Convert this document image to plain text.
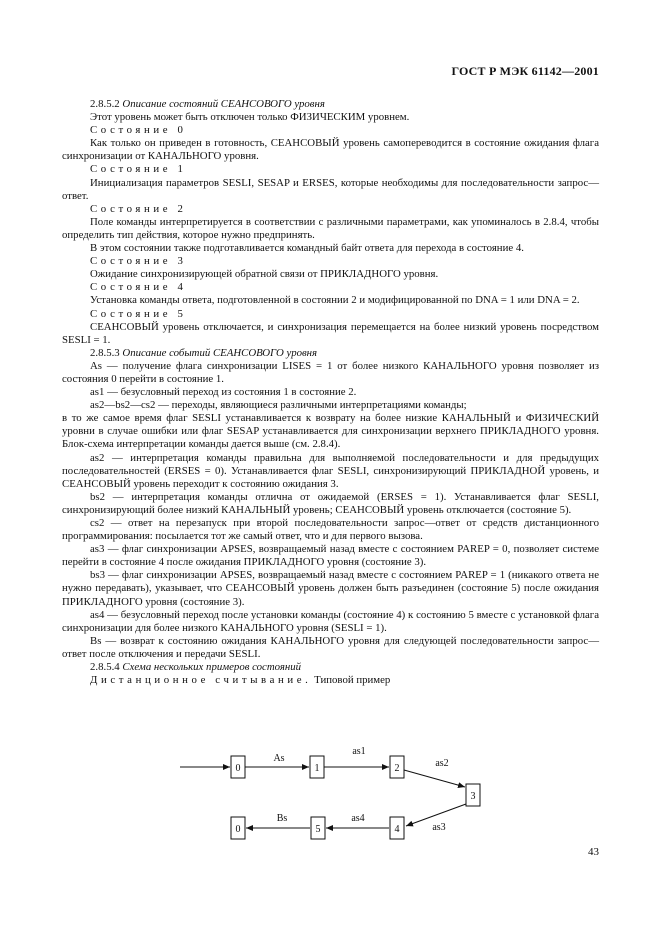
ГОСТ Р МЭК 61142—2001

2.8.5.2 Описание состояний СЕАНСОВОГО уровня

Этот уровень может быть отключен только ФИЗИЧЕСКИМ уровнем.

Состояние 0

Как только он приведен в готовность, СЕАНСОВЫЙ уровень самопереводится в состояние ожидания флага синхронизации от КАНАЛЬНОГО уровня.

Состояние 1

Инициализация параметров SESLI, SESAP и ERSES, которые необходимы для последовательности запрос—ответ.

Состояние 2

Поле команды интерпретируется в соответствии с различными параметрами, как упоминалось в 2.8.4, чтобы определить тип действия, которое нужно предпринять.

В этом состоянии также подготавливается командный байт ответа для перехода в состояние 4.

Состояние 3

Ожидание синхронизирующей обратной связи от ПРИКЛАДНОГО уровня.

Состояние 4

Установка команды ответа, подготовленной в состоянии 2 и модифицированной по DNA = 1 или DNA = 2.

Состояние 5

СЕАНСОВЫЙ уровень отключается, и синхронизация перемещается на более низкий уровень посредством SESLI = 1.

2.8.5.3 Описание событий СЕАНСОВОГО уровня

As — получение флага синхронизации LISES = 1 от более низкого КАНАЛЬНОГО уровня позволяет из состояния 0 перейти в состояние 1.

as1 — безусловный переход из состояния 1 в состояние 2.

as2—bs2—cs2 — переходы, являющиеся различными интерпретациями команды;

в то же самое время флаг SESLI устанавливается к возврату на более низкие КАНАЛЬНЫЙ и ФИЗИЧЕСКИЙ уровни в случае ошибки или флаг SESAP устанавливается для синхронизации верхнего ПРИКЛАДНОГО уровня. Блок-схема интерпретации команды дается выше (см. 2.8.4).

as2 — интерпретация команды правильна для выполняемой последовательности и для предыдущих последовательностей (ERSES = 0). Устанавливается флаг SESLI, синхронизирующий ПРИКЛАДНОЙ уровень, и СЕАНСОВЫЙ уровень переходит к состоянию ожидания 3.

bs2 — интерпретация команды отлична от ожидаемой (ERSES = 1). Устанавливается флаг SESLI, синхронизирующий более низкий КАНАЛЬНЫЙ уровень; СЕАНСОВЫЙ уровень отключается (состояние 5).

cs2 — ответ на перезапуск при второй последовательности запрос—ответ от средств дистанционного программирования: посылается тот же самый ответ, что и для первого вызова.

as3 — флаг синхронизации APSES, возвращаемый назад вместе с состоянием PAREP = 0, позволяет системе перейти в состояние 4 после ожидания ПРИКЛАДНОГО уровня (состояние 3).

bs3 — флаг синхронизации APSES, возвращаемый назад вместе с состоянием PAREP = 1 (никакого ответа не нужно передавать), указывает, что СЕАНСОВЫЙ уровень должен быть разъединен (состояние 5) после ожидания ПРИКЛАДНОГО уровня (состояние 3).

as4 — безусловный переход после установки команды (состояние 4) к состоянию 5 вместе с установкой флага синхронизации для более низкого КАНАЛЬНОГО уровня (SESLI = 1).

Bs — возврат к состоянию ожидания КАНАЛЬНОГО уровня для следующей последовательности запрос—ответ после отключения и передачи SESLI.

2.8.5.4 Схема нескольких примеров состояний

Дистанционное считывание. Типовой пример

0	1	2
3
4
5
0
As
as1
as2
as3
as4
Bs
43
